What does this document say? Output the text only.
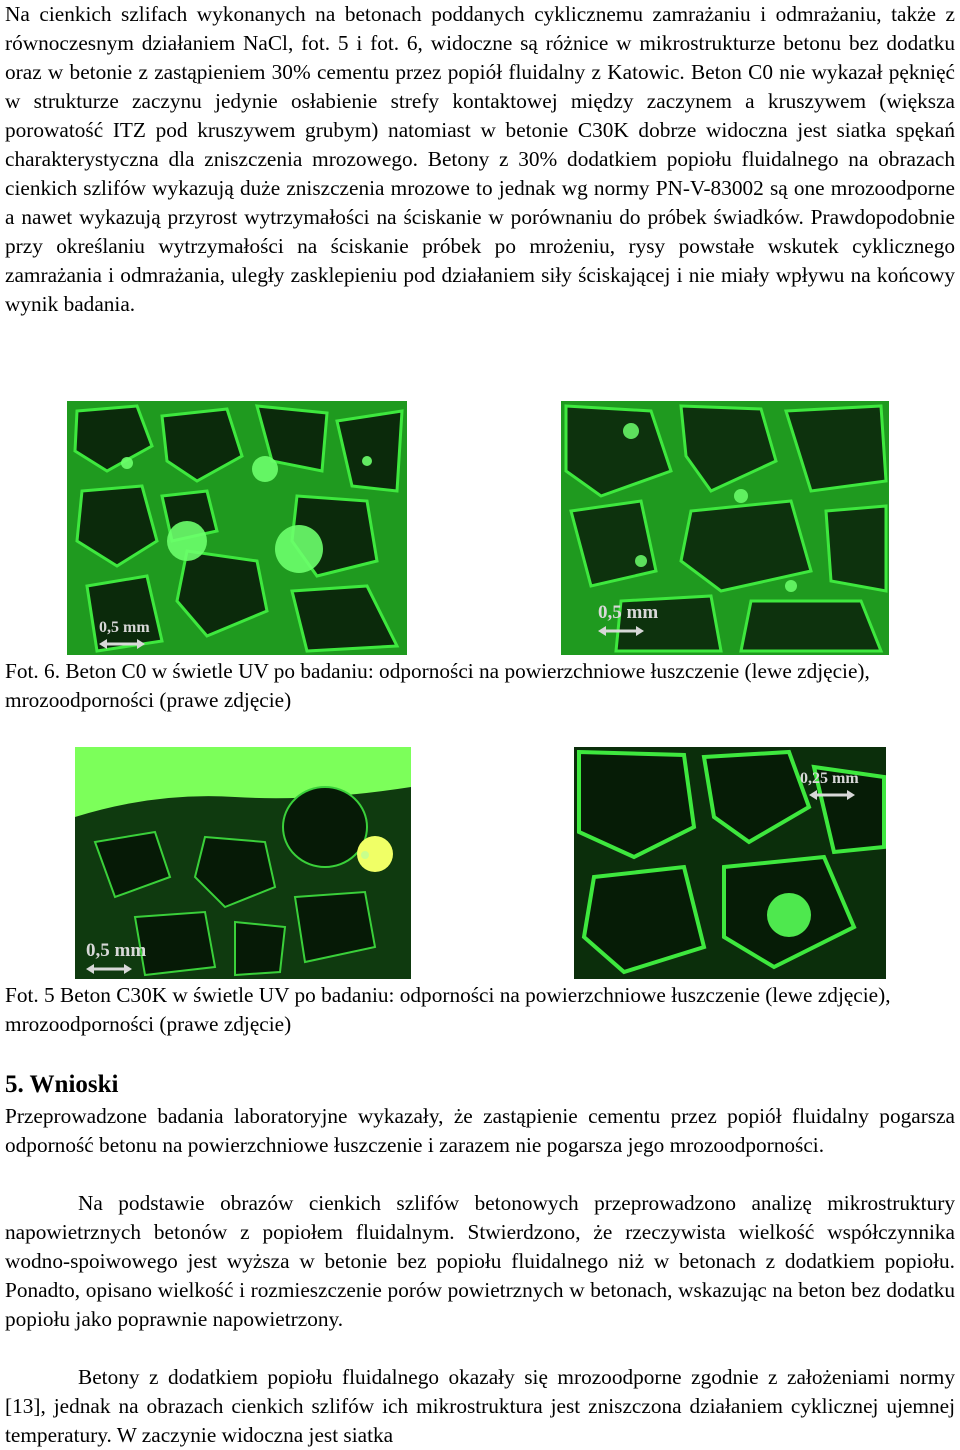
Na cienkich szlifach wykonanych na betonach poddanych cyklicznemu zamrażaniu i odmrażaniu, także z równoczesnym działaniem NaCl, fot. 5 i fot. 6, widoczne są różnice w mikrostrukturze betonu bez dodatku oraz w betonie z zastąpieniem 30% cementu przez popiół fluidalny z Katowic. Beton C0 nie wykazał pęknięć w strukturze zaczynu jedynie osłabienie strefy kontaktowej między zaczynem a kruszywem (większa porowatość ITZ pod kruszywem grubym) natomiast w betonie C30K dobrze widoczna jest siatka spękań charakterystyczna dla zniszczenia mrozowego. Betony z 30% dodatkiem popiołu fluidalnego na obrazach cienkich szlifów wykazują duże zniszczenia mrozowe to jednak wg normy PN-V-83002 są one mrozoodporne a nawet wykazują przyrost wytrzymałości na ściskanie w porównaniu do próbek świadków. Prawdopodobnie przy określaniu wytrzymałości na ściskanie próbek po mrożeniu, rysy powstałe wskutek cyklicznego zamrażania i odmrażania, uległy zasklepieniu pod działaniem siły ściskającej i nie miały wpływu na końcowy wynik badania.

0,5 mm
0,5 mm

Fot. 6. Beton C0 w świetle UV po badaniu: odporności na powierzchniowe łuszczenie (lewe zdjęcie), mrozoodporności (prawe zdjęcie)

0,5 mm
0,25 mm

Fot. 5 Beton C30K w świetle UV po badaniu: odporności na powierzchniowe łuszczenie (lewe zdjęcie), mrozoodporności (prawe zdjęcie)

5. Wnioski

Przeprowadzone badania laboratoryjne wykazały, że zastąpienie cementu przez popiół fluidalny pogarsza odporność betonu na powierzchniowe łuszczenie i zarazem nie pogarsza jego mrozoodporności.

Na podstawie obrazów cienkich szlifów betonowych przeprowadzono analizę mikrostruktury napowietrznych betonów z popiołem fluidalnym. Stwierdzono, że rzeczywista wielkość współczynnika wodno-spoiwowego jest wyższa w betonie bez popiołu fluidalnego niż w betonach z dodatkiem popiołu. Ponadto, opisano wielkość i rozmieszczenie porów powietrznych w betonach, wskazując na beton bez dodatku popiołu jako poprawnie napowietrzony.

Betony z dodatkiem popiołu fluidalnego okazały się mrozoodporne zgodnie z założeniami normy [13], jednak na obrazach cienkich szlifów ich mikrostruktura jest zniszczona działaniem cyklicznej ujemnej temperatury. W zaczynie widoczna jest siatka
